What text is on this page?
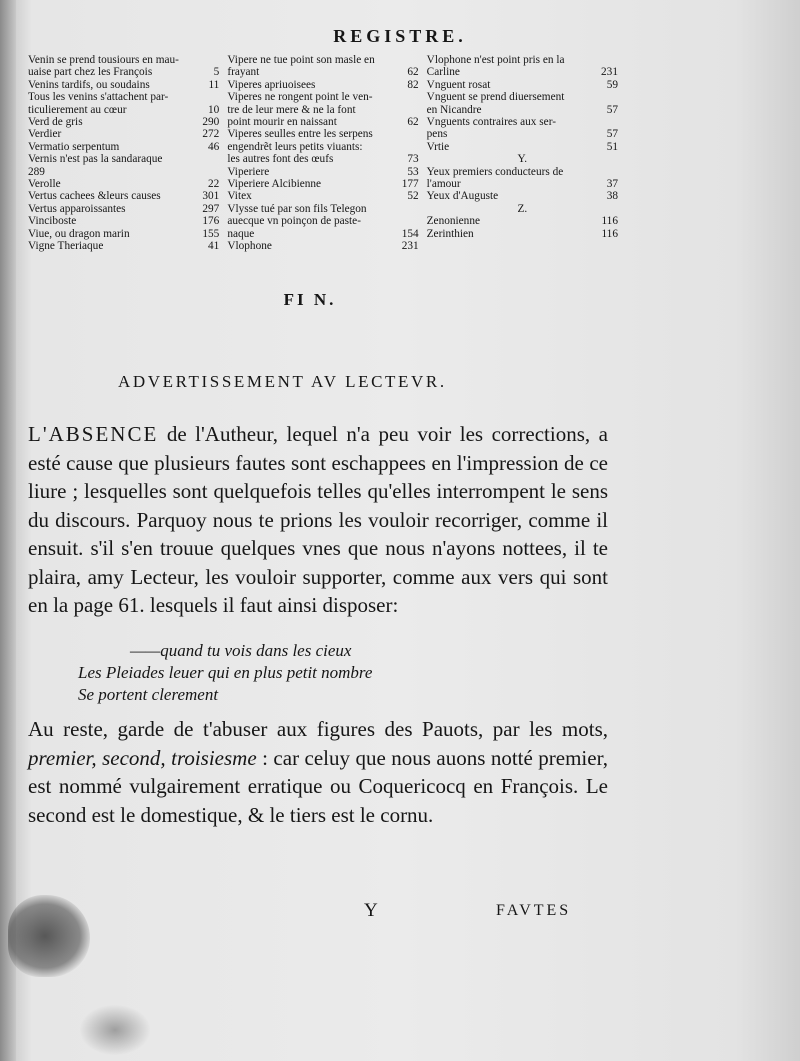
REGISTRE.
Venin se prend tousiours en mau-
uaise part chez les François	5
Venins tardifs, ou soudains	11
Tous les venins s'attachent par-
ticulierement au cœur	10
Verd de gris	290
Verdier	272
Vermatio serpentum	46
Vernis n'est pas la sandaraque
289
Verolle	22
Vertus cachees &leurs causes	301
Vertus apparoissantes	297
Vinciboste	176
Viue, ou dragon marin	155
Vigne Theriaque	41
Vipere ne tue point son masle en
frayant	62
Viperes apriuoisees	82
Viperes ne rongent point le ven-
tre de leur mere & ne la font
point mourir en naissant	62
Viperes seulles entre les serpens
engendrẽt leurs petits viuants:
les autres font des œufs	73
Viperiere	53
Viperiere Alcibienne	177
Vitex	52
Vlysse tué par son fils Telegon
auecque vn poinçon de paste-
naque	154
Vlophone	231
Vlophone n'est point pris en la
Carline	231
Vnguent rosat	59
Vnguent se prend diuersement
en Nicandre	57
Vnguents contraires aux ser-
pens	57
Vrtie	51
Y.
Yeux premiers conducteurs de
l'amour	37
Yeux d'Auguste	38
Z.
Zenonienne	116
Zerinthien	116
FI N.
ADVERTISSEMENT AV LECTEVR.
L'ABSENCE de l'Autheur, lequel n'a peu voir les corrections, a esté cause que plusieurs fautes sont eschappees en l'impression de ce liure ; lesquelles sont quelquefois telles qu'elles interrompent le sens du discours. Parquoy nous te prions les vouloir recorriger, comme il ensuit. s'il s'en trouue quelques vnes que nous n'ayons nottees, il te plaira, amy Lecteur, les vouloir supporter, comme aux vers qui sont en la page 61. lesquels il faut ainsi disposer:
——quand tu vois dans les cieux
Les Pleiades leuer qui en plus petit nombre
Se portent clerement
Au reste, garde de t'abuser aux figures des Pauots, par les mots, premier, second, troisiesme : car celuy que nous auons notté premier, est nommé vulgairement erratique ou Coquericocq en François. Le second est le domestique, & le tiers est le cornu.
Y	FAVTES
